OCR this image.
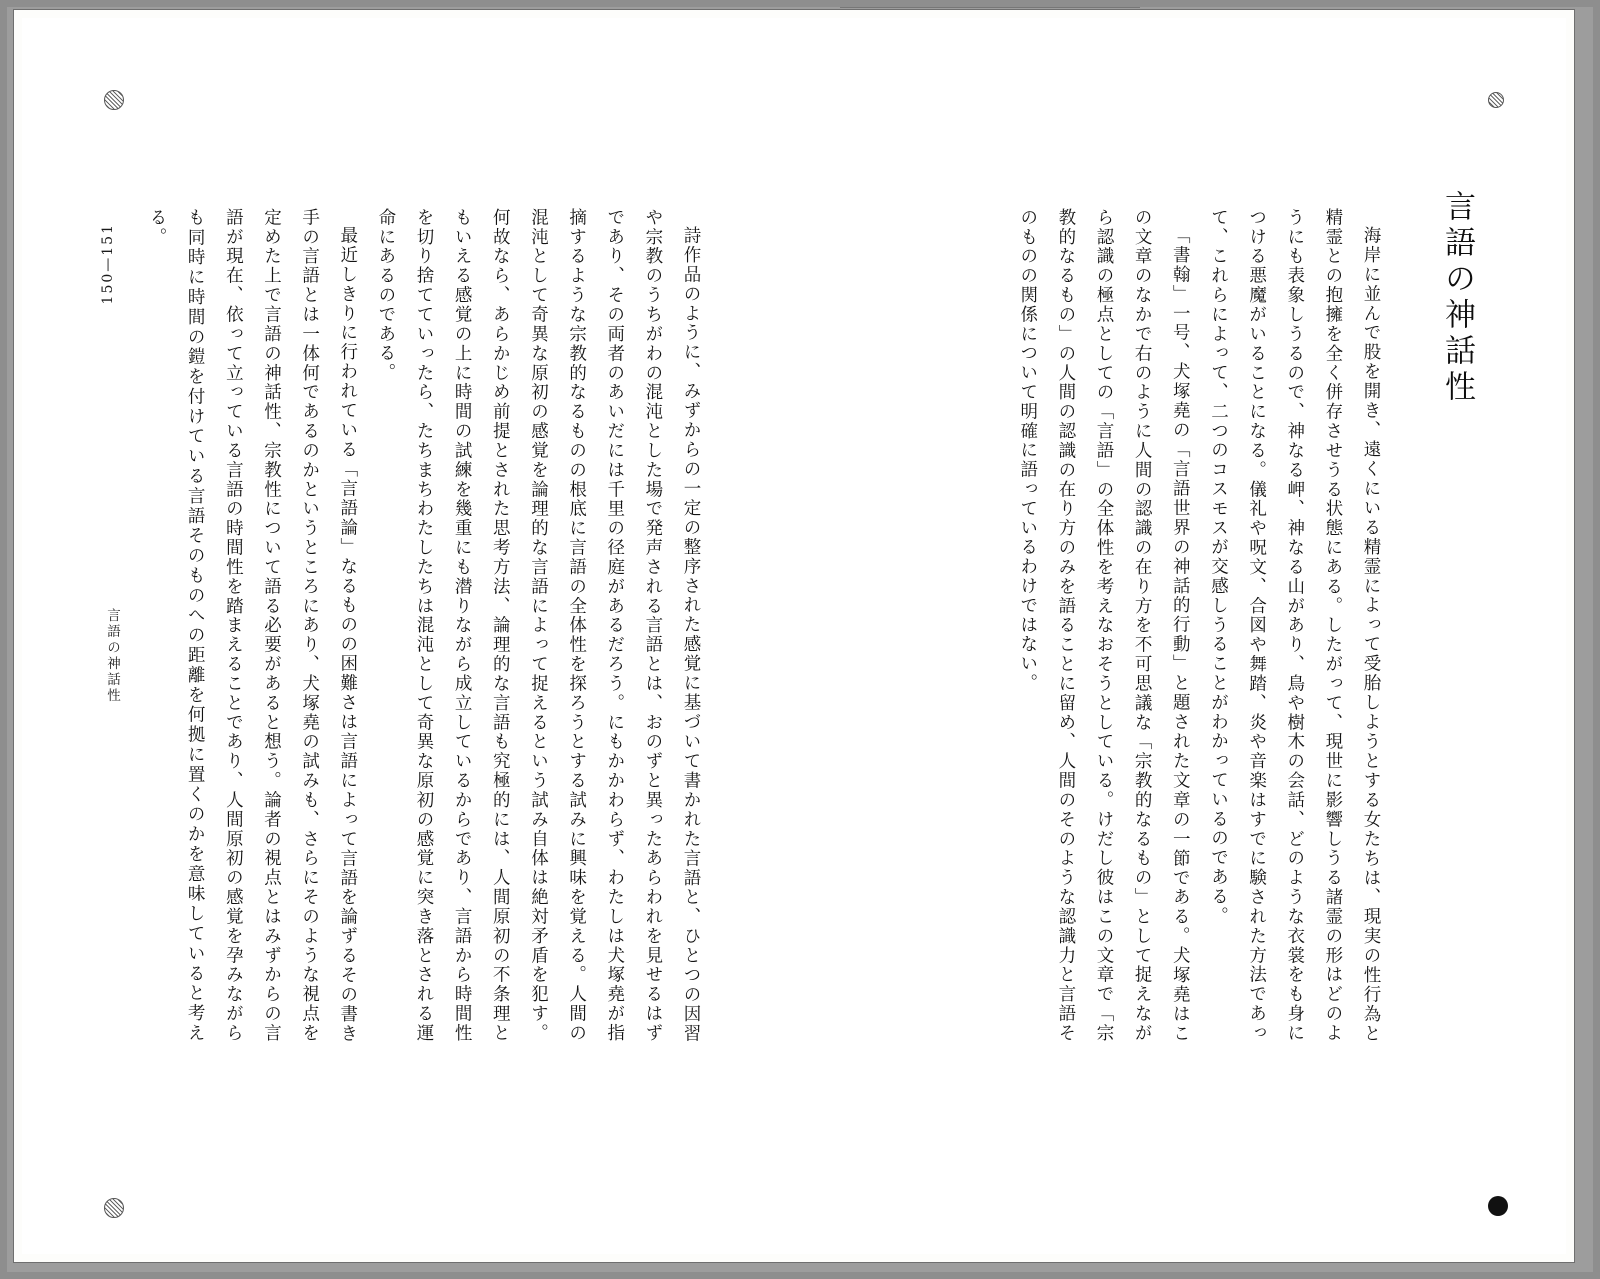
150—151
言語の神話性
言語の神話性

海岸に並んで股を開き、遠くにいる精霊によって受胎しようとする女たちは、現実の性行為と精霊との抱擁を全く併存させうる状態にある。したがって、現世に影響しうる諸霊の形はどのようにも表象しうるので、神なる岬、神なる山があり、鳥や樹木の会話、どのような衣裳をも身につける悪魔がいることになる。儀礼や呪文、合図や舞踏、炎や音楽はすでに験された方法であって、これらによって、二つのコスモスが交感しうることがわかっているのである。

「書翰」一号、犬塚堯の「言語世界の神話的行動」と題された文章の一節である。犬塚堯はこの文章のなかで右のように人間の認識の在り方を不可思議な「宗教的なるもの」として捉えながら認識の極点としての「言語」の全体性を考えなおそうとしている。けだし彼はこの文章で「宗教的なるもの」の人間の認識の在り方のみを語ることに留め、人間のそのような認識力と言語そのものの関係について明確に語っているわけではない。

詩作品のように、みずからの一定の整序された感覚に基づいて書かれた言語と、ひとつの因習や宗教のうちがわの混沌とした場で発声される言語とは、おのずと異ったあらわれを見せるはずであり、その両者のあいだには千里の径庭があるだろう。にもかかわらず、わたしは犬塚堯が指摘するような宗教的なるものの根底に言語の全体性を探ろうとする試みに興味を覚える。人間の混沌として奇異な原初の感覚を論理的な言語によって捉えるという試み自体は絶対矛盾を犯す。何故なら、あらかじめ前提とされた思考方法、論理的な言語も究極的には、人間原初の不条理ともいえる感覚の上に時間の試練を幾重にも潜りながら成立しているからであり、言語から時間性を切り捨てていったら、たちまちわたしたちは混沌として奇異な原初の感覚に突き落とされる運命にあるのである。

最近しきりに行われている「言語論」なるものの困難さは言語によって言語を論ずるその書き手の言語とは一体何であるのかというところにあり、犬塚堯の試みも、さらにそのような視点を定めた上で言語の神話性、宗教性について語る必要があると想う。論者の視点とはみずからの言語が現在、依って立っている言語の時間性を踏まえることであり、人間原初の感覚を孕みながらも同時に時間の鎧を付けている言語そのものへの距離を何拠に置くのかを意味していると考える。
